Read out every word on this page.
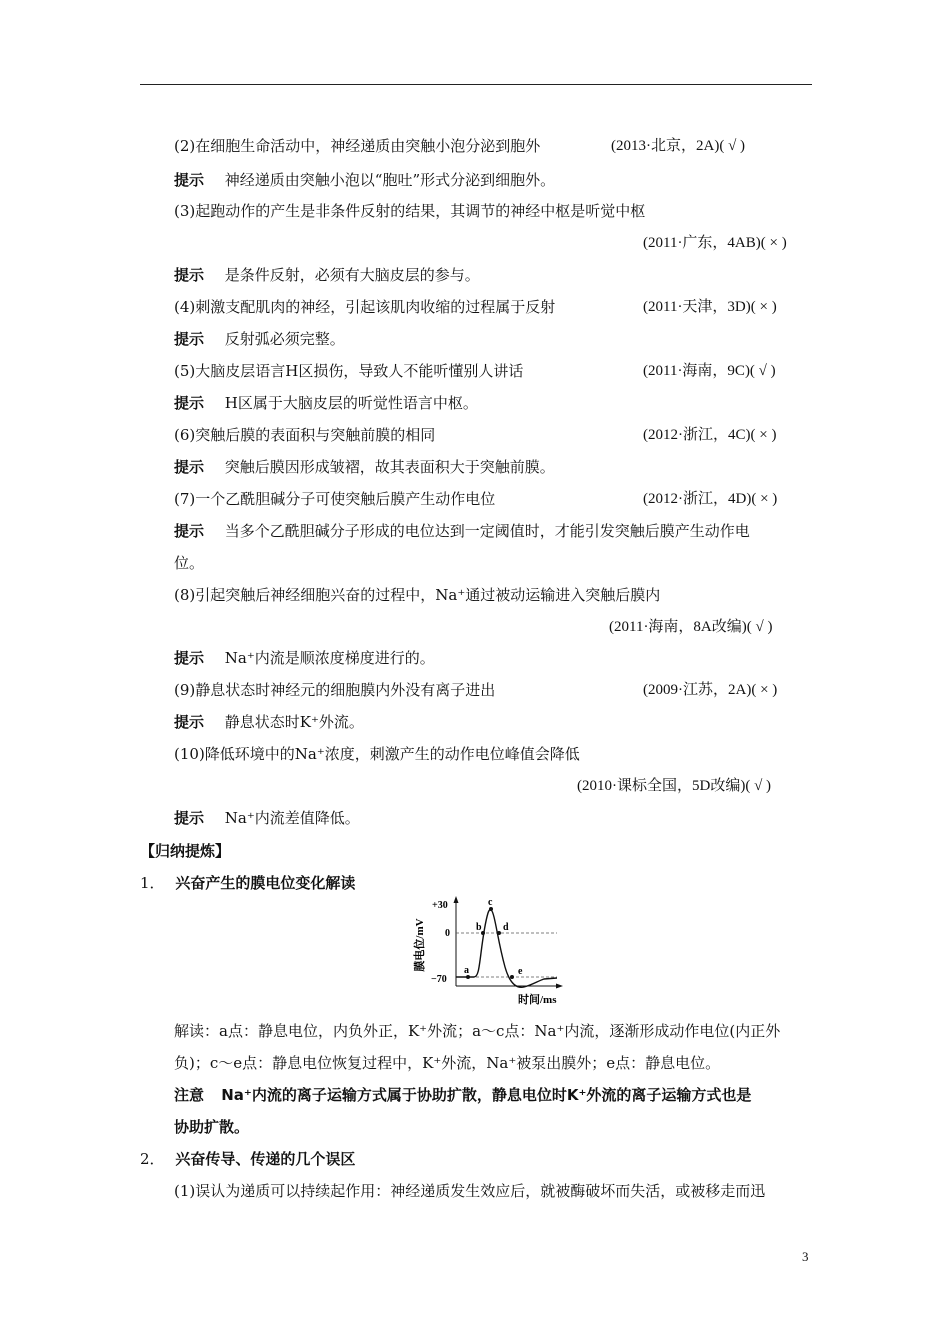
(2)在细胞生命活动中，神经递质由突触小泡分泌到胞外	(2013·北京，2A)( √ )
提示 神经递质由突触小泡以“胞吐”形式分泌到细胞外。
(3)起跑动作的产生是非条件反射的结果，其调节的神经中枢是听觉中枢
(2011·广东，4AB)( × )
提示 是条件反射，必须有大脑皮层的参与。
(4)刺激支配肌肉的神经，引起该肌肉收缩的过程属于反射	(2011·天津，3D)( × )
提示 反射弧必须完整。
(5)大脑皮层语言H区损伤，导致人不能听懂别人讲话	(2011·海南，9C)( √ )
提示 H区属于大脑皮层的听觉性语言中枢。
(6)突触后膜的表面积与突触前膜的相同	(2012·浙江，4C)( × )
提示 突触后膜因形成皱褶，故其表面积大于突触前膜。
(7)一个乙酰胆碱分子可使突触后膜产生动作电位	(2012·浙江，4D)( × )
提示 当多个乙酰胆碱分子形成的电位达到一定阈值时，才能引发突触后膜产生动作电
位。
(8)引起突触后神经细胞兴奋的过程中，Na⁺通过被动运输进入突触后膜内
(2011·海南，8A改编)( √ )
提示 Na⁺内流是顺浓度梯度进行的。
(9)静息状态时神经元的细胞膜内外没有离子进出	(2009·江苏，2A)( × )
提示 静息状态时K⁺外流。
(10)降低环境中的Na⁺浓度，刺激产生的动作电位峰值会降低
(2010·课标全国，5D改编)( √ )
提示 Na⁺内流差值降低。
【归纳提炼】
1． 兴奋产生的膜电位变化解读
膜电位/mV
+30
0
−70
a
b
c
d
e
时间/ms
解读：a点：静息电位，内负外正，K⁺外流；a～c点：Na⁺内流，逐渐形成动作电位(内正外
负)；c～e点：静息电位恢复过程中，K⁺外流，Na⁺被泵出膜外；e点：静息电位。
注意 Na⁺内流的离子运输方式属于协助扩散，静息电位时K⁺外流的离子运输方式也是
协助扩散。
2． 兴奋传导、传递的几个误区
(1)误认为递质可以持续起作用：神经递质发生效应后，就被酶破坏而失活，或被移走而迅
3
